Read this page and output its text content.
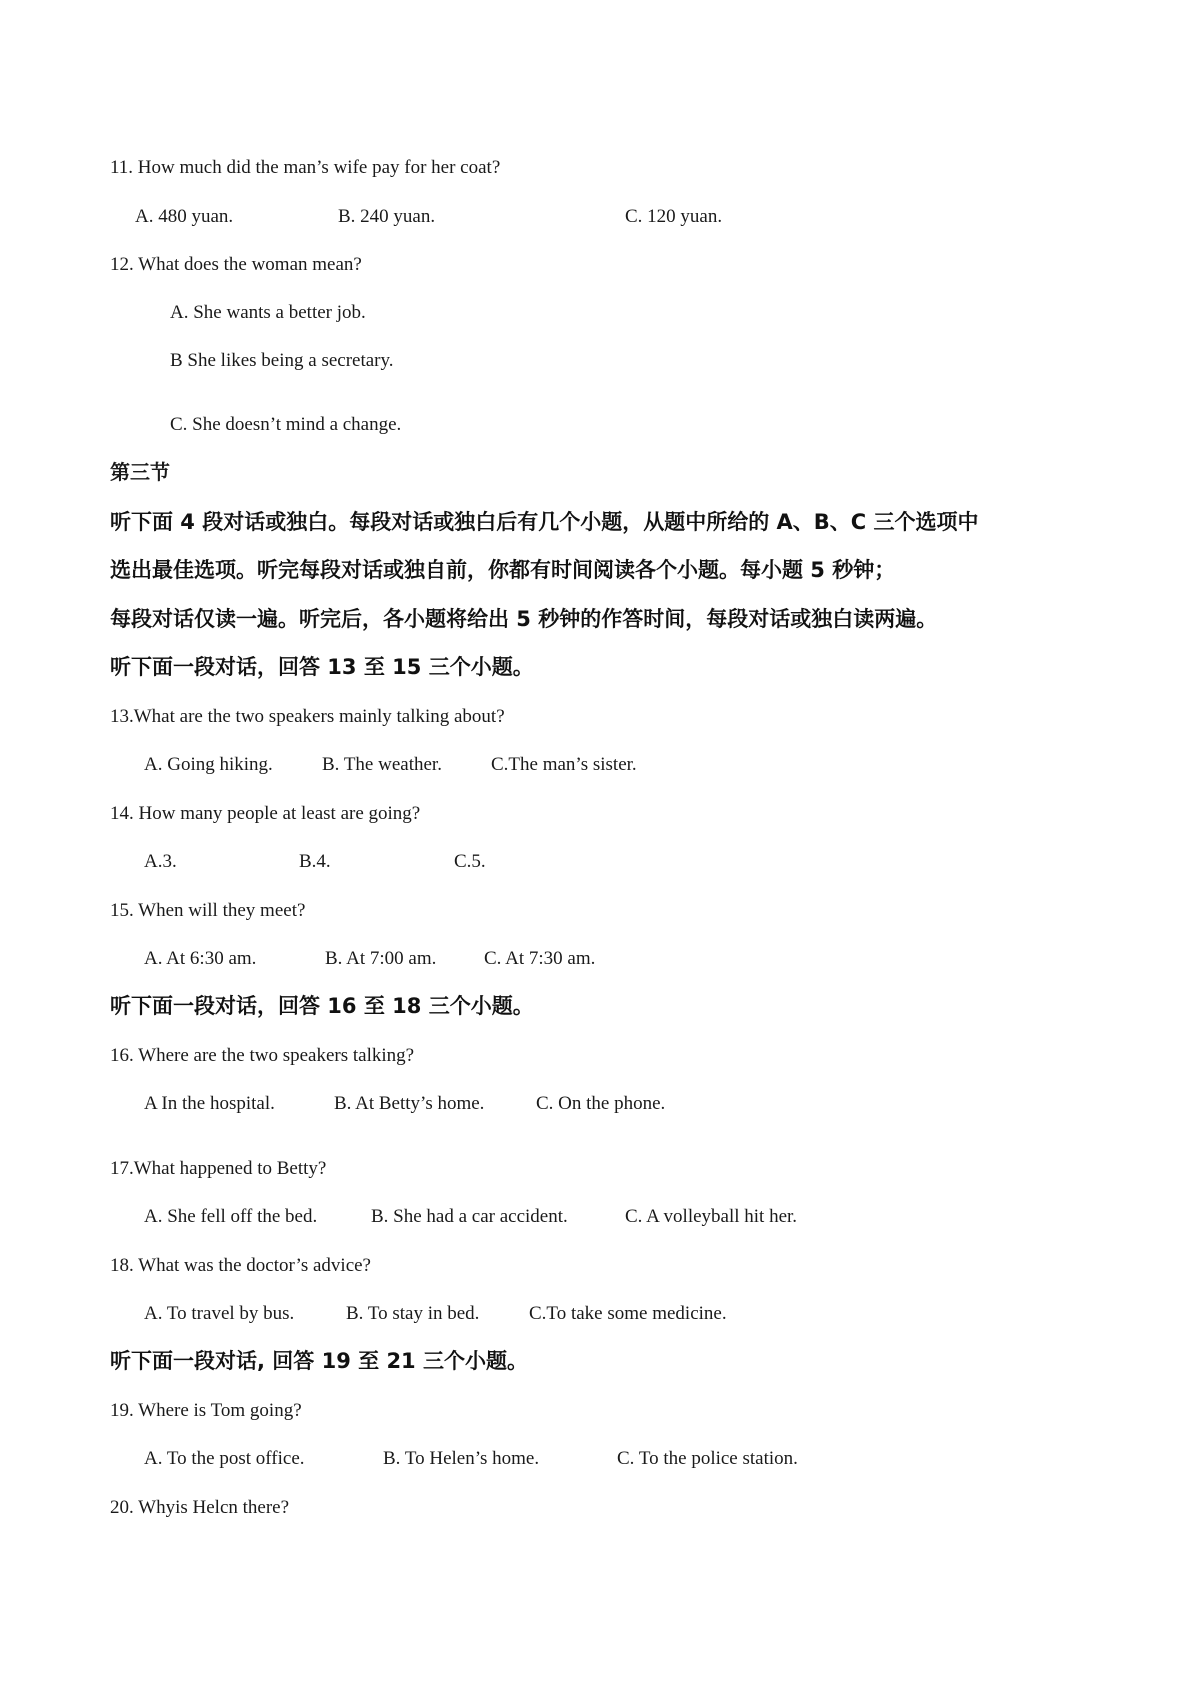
11. How much did the man’s wife pay for her coat?
A. 480 yuan.	B. 240 yuan.	C. 120 yuan.
12. What does the woman mean?
A. She wants a better job.
B She likes being a secretary.
C. She doesn’t mind a change.
第三节
听下面 4 段对话或独白。每段对话或独白后有几个小题，从题中所给的 A、B、C 三个选项中
选出最佳选项。听完每段对话或独自前，你都有时间阅读各个小题。每小题 5 秒钟；
每段对话仅读一遍。听完后，各小题将给出 5 秒钟的作答时间，每段对话或独白读两遍。
听下面一段对话，回答 13 至 15 三个小题。
13.What are the two speakers mainly talking about?
A. Going hiking.	B. The weather.	C.The man’s sister.
14. How many people at least are going?
A.3.	B.4.	C.5.
15. When will they meet?
A. At 6:30 am.	B. At 7:00 am.	C. At 7:30 am.
听下面一段对话，回答 16 至 18 三个小题。
16. Where are the two speakers talking?
A In the hospital.	B. At Betty’s home.	C. On the phone.
17.What happened to Betty?
A. She fell off the bed.	B. She had a car accident.	C. A volleyball hit her.
18. What was the doctor’s advice?
A. To travel by bus.	B. To stay in bed.	C.To take some medicine.
听下面一段对话, 回答 19 至 21 三个小题。
19. Where is Tom going?
A. To the post office.	B. To Helen’s home.	C. To the police station.
20. Whyis Helcn there?
